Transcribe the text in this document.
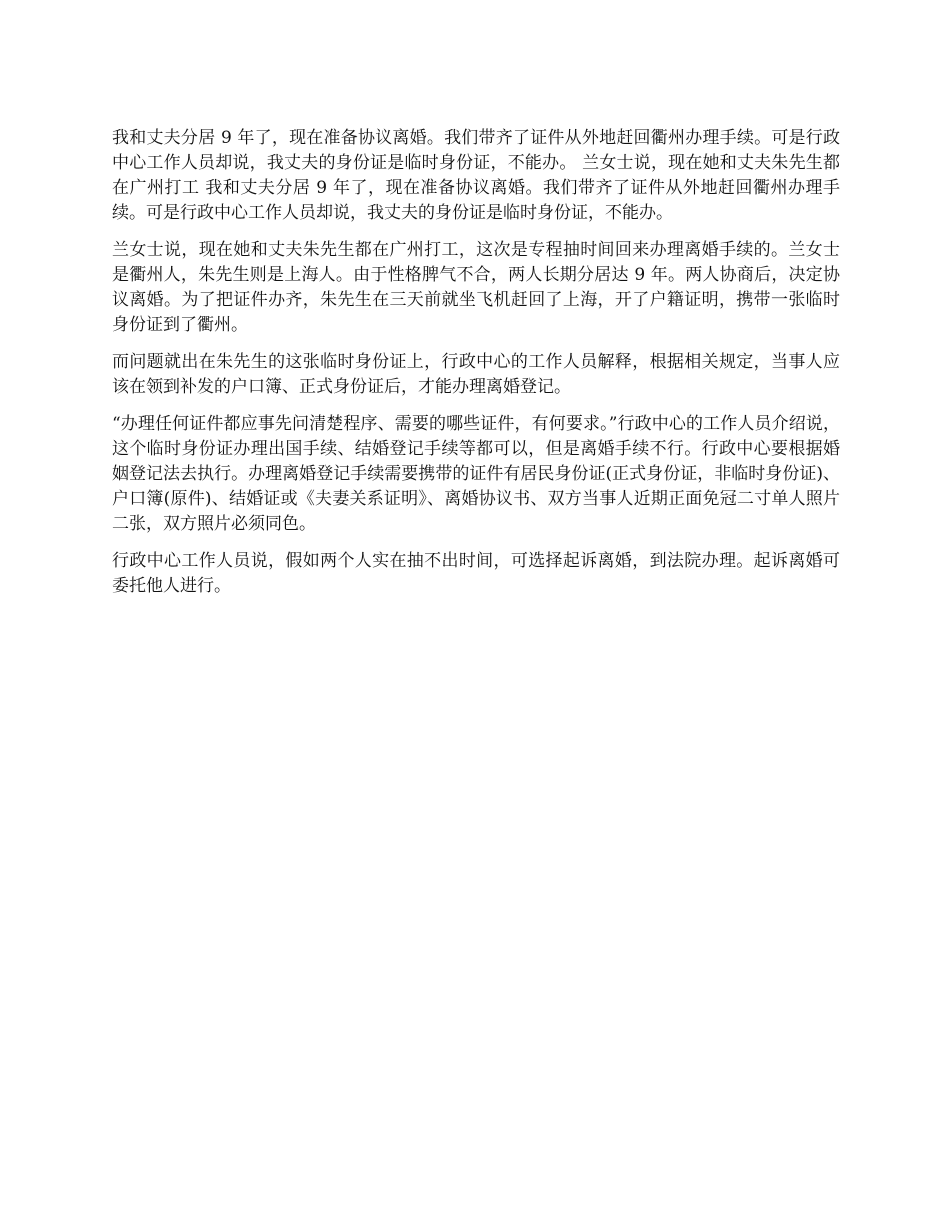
我和丈夫分居 9 年了，现在准备协议离婚。我们带齐了证件从外地赶回衢州办理手续。可是行政中心工作人员却说，我丈夫的身份证是临时身份证，不能办。 兰女士说，现在她和丈夫朱先生都在广州打工 我和丈夫分居 9 年了，现在准备协议离婚。我们带齐了证件从外地赶回衢州办理手续。可是行政中心工作人员却说，我丈夫的身份证是临时身份证，不能办。

兰女士说，现在她和丈夫朱先生都在广州打工，这次是专程抽时间回来办理离婚手续的。兰女士是衢州人，朱先生则是上海人。由于性格脾气不合，两人长期分居达 9 年。两人协商后，决定协议离婚。为了把证件办齐，朱先生在三天前就坐飞机赶回了上海，开了户籍证明，携带一张临时身份证到了衢州。

而问题就出在朱先生的这张临时身份证上，行政中心的工作人员解释，根据相关规定，当事人应该在领到补发的户口簿、正式身份证后，才能办理离婚登记。

“办理任何证件都应事先问清楚程序、需要的哪些证件，有何要求。”行政中心的工作人员介绍说，这个临时身份证办理出国手续、结婚登记手续等都可以，但是离婚手续不行。行政中心要根据婚姻登记法去执行。办理离婚登记手续需要携带的证件有居民身份证(正式身份证，非临时身份证)、户口簿(原件)、结婚证或《夫妻关系证明》、离婚协议书、双方当事人近期正面免冠二寸单人照片二张，双方照片必须同色。

行政中心工作人员说，假如两个人实在抽不出时间，可选择起诉离婚，到法院办理。起诉离婚可委托他人进行。
